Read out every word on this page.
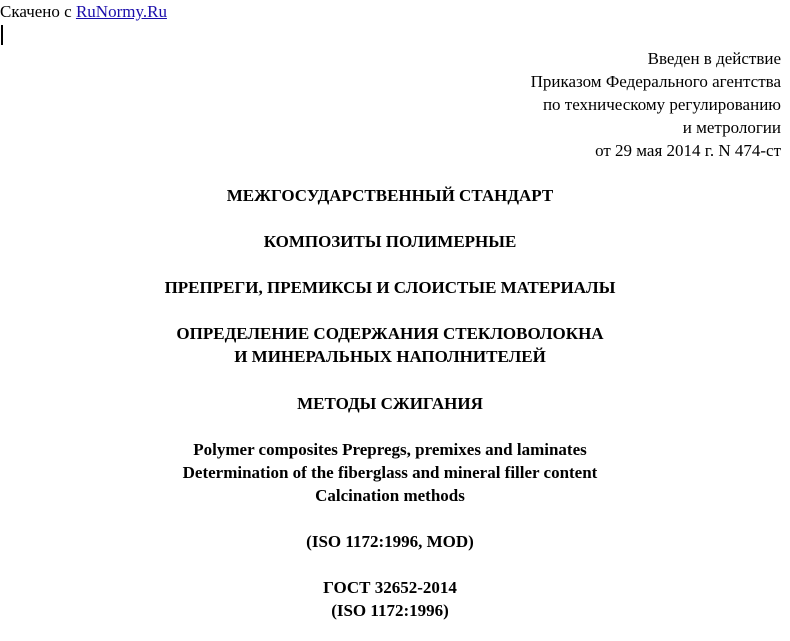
Скачено с RuNormy.Ru
Введен в действие
Приказом Федерального агентства
по техническому регулированию
и метрологии
от 29 мая 2014 г. N 474-ст
МЕЖГОСУДАРСТВЕННЫЙ СТАНДАРТ
КОМПОЗИТЫ ПОЛИМЕРНЫЕ
ПРЕПРЕГИ, ПРЕМИКСЫ И СЛОИСТЫЕ МАТЕРИАЛЫ
ОПРЕДЕЛЕНИЕ СОДЕРЖАНИЯ СТЕКЛОВОЛОКНА
И МИНЕРАЛЬНЫХ НАПОЛНИТЕЛЕЙ
МЕТОДЫ СЖИГАНИЯ
Polymer composites Prepregs, premixes and laminates
Determination of the fiberglass and mineral filler content
Calcination methods
(ISO 1172:1996, MOD)
ГОСТ 32652-2014
(ISO 1172:1996)
